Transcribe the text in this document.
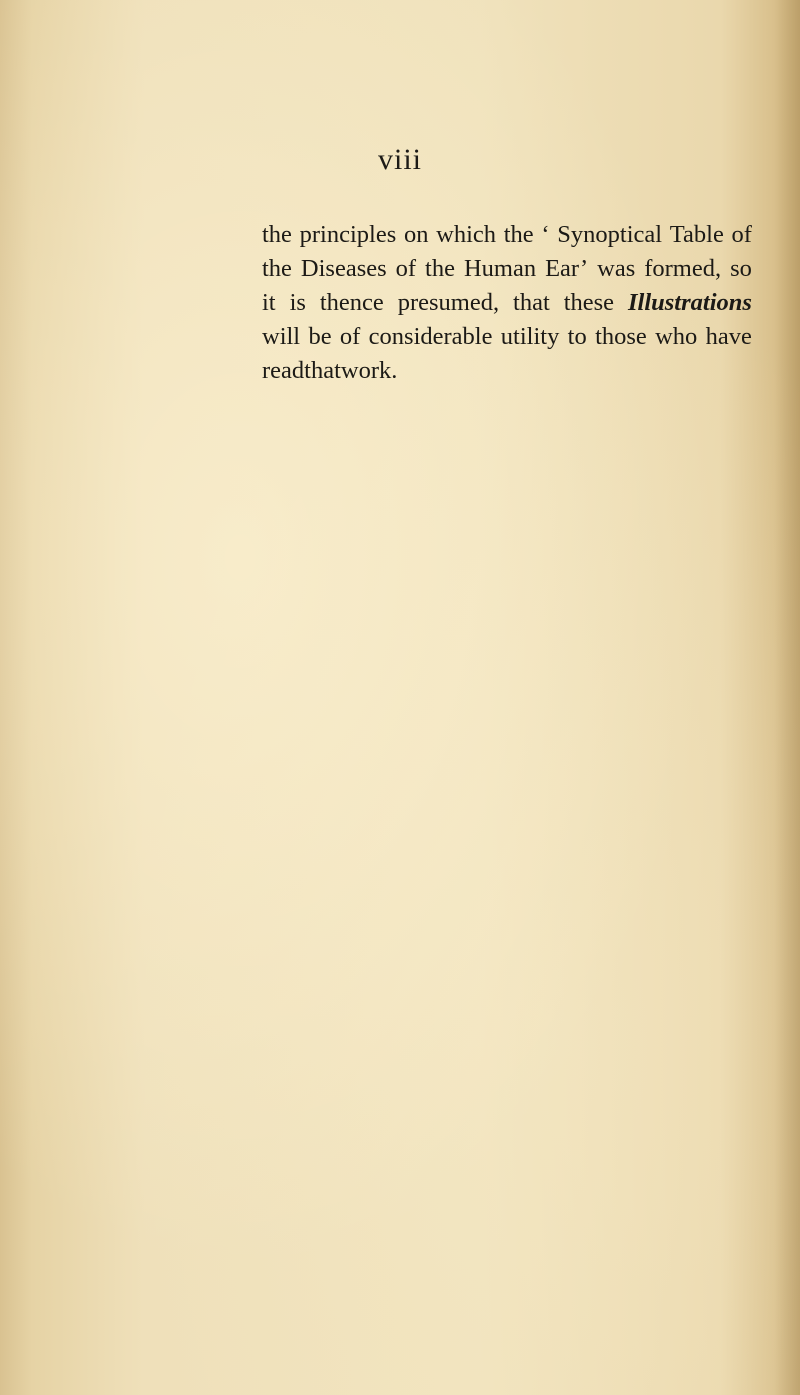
viii
the principles on which the ‘ Synoptical Table of
the Diseases of the Human Ear’ was formed, so
it is thence presumed, that these Illustrations
will be of considerable utility to those who have
read that work.
